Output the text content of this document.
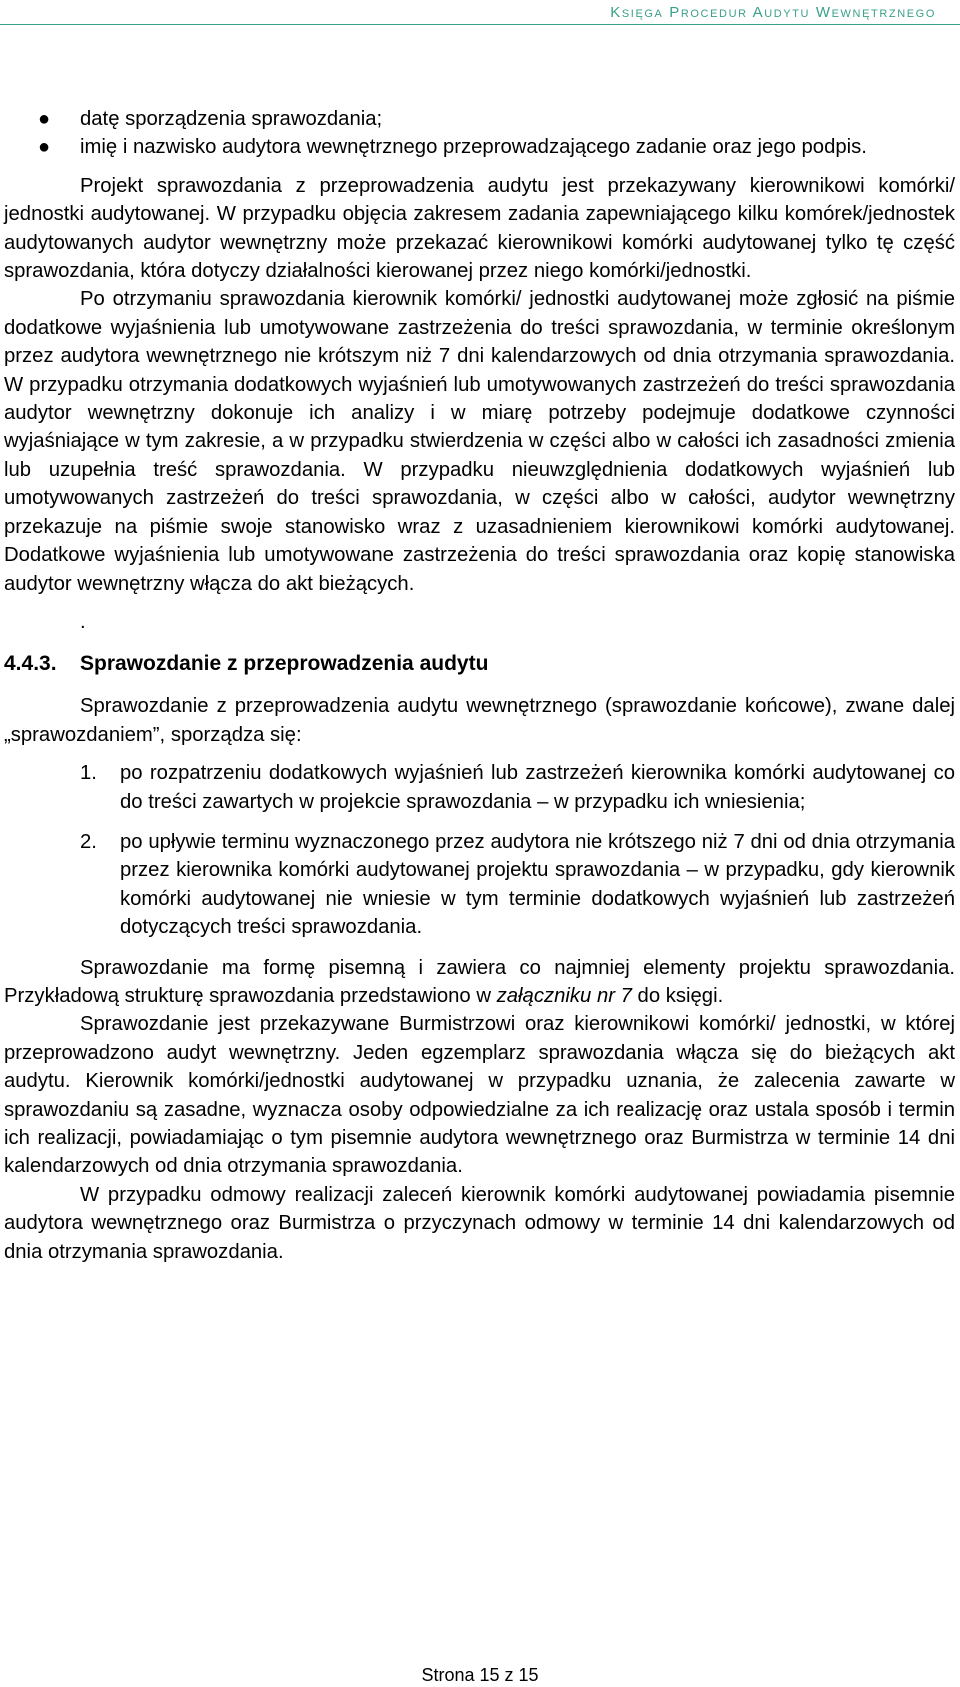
Księga Procedur Audytu Wewnętrznego
● datę sporządzenia sprawozdania;
● imię i nazwisko audytora wewnętrznego przeprowadzającego zadanie oraz jego podpis.

Projekt sprawozdania z przeprowadzenia audytu jest przekazywany kierownikowi komórki/ jednostki audytowanej. W przypadku objęcia zakresem zadania zapewniającego kilku komórek/jednostek audytowanych audytor wewnętrzny może przekazać kierownikowi komórki audytowanej tylko tę część sprawozdania, która dotyczy działalności kierowanej przez niego komórki/jednostki.

Po otrzymaniu sprawozdania kierownik komórki/ jednostki audytowanej może zgłosić na piśmie dodatkowe wyjaśnienia lub umotywowane zastrzeżenia do treści sprawozdania, w terminie określonym przez audytora wewnętrznego nie krótszym niż 7 dni kalendarzowych od dnia otrzymania sprawozdania. W przypadku otrzymania dodatkowych wyjaśnień lub umotywowanych zastrzeżeń do treści sprawozdania audytor wewnętrzny dokonuje ich analizy i w miarę potrzeby podejmuje dodatkowe czynności wyjaśniające w tym zakresie, a w przypadku stwierdzenia w części albo w całości ich zasadności zmienia lub uzupełnia treść sprawozdania. W przypadku nieuwzględnienia dodatkowych wyjaśnień lub umotywowanych zastrzeżeń do treści sprawozdania, w części albo w całości, audytor wewnętrzny przekazuje na piśmie swoje stanowisko wraz z uzasadnieniem kierownikowi komórki audytowanej. Dodatkowe wyjaśnienia lub umotywowane zastrzeżenia do treści sprawozdania oraz kopię stanowiska audytor wewnętrzny włącza do akt bieżących.

.
4.4.3.	Sprawozdanie z przeprowadzenia audytu

Sprawozdanie z przeprowadzenia audytu wewnętrznego (sprawozdanie końcowe), zwane dalej „sprawozdaniem”, sporządza się:

1. po rozpatrzeniu dodatkowych wyjaśnień lub zastrzeżeń kierownika komórki audytowanej co do treści zawartych w projekcie sprawozdania – w przypadku ich wniesienia;
2. po upływie terminu wyznaczonego przez audytora nie krótszego niż 7 dni od dnia otrzymania przez kierownika komórki audytowanej projektu sprawozdania – w przypadku, gdy kierownik komórki audytowanej nie wniesie w tym terminie dodatkowych wyjaśnień lub zastrzeżeń dotyczących treści sprawozdania.

Sprawozdanie ma formę pisemną i zawiera co najmniej elementy projektu sprawozdania. Przykładową strukturę sprawozdania przedstawiono w załączniku nr 7 do księgi.

Sprawozdanie jest przekazywane Burmistrzowi oraz kierownikowi komórki/ jednostki, w której przeprowadzono audyt wewnętrzny. Jeden egzemplarz sprawozdania włącza się do bieżących akt audytu. Kierownik komórki/jednostki audytowanej w przypadku uznania, że zalecenia zawarte w sprawozdaniu są zasadne, wyznacza osoby odpowiedzialne za ich realizację oraz ustala sposób i termin ich realizacji, powiadamiając o tym pisemnie audytora wewnętrznego oraz Burmistrza w terminie 14 dni kalendarzowych od dnia otrzymania sprawozdania.

W przypadku odmowy realizacji zaleceń kierownik komórki audytowanej powiadamia pisemnie audytora wewnętrznego oraz Burmistrza o przyczynach odmowy w terminie 14 dni kalendarzowych od dnia otrzymania sprawozdania.

Strona 15 z 15
